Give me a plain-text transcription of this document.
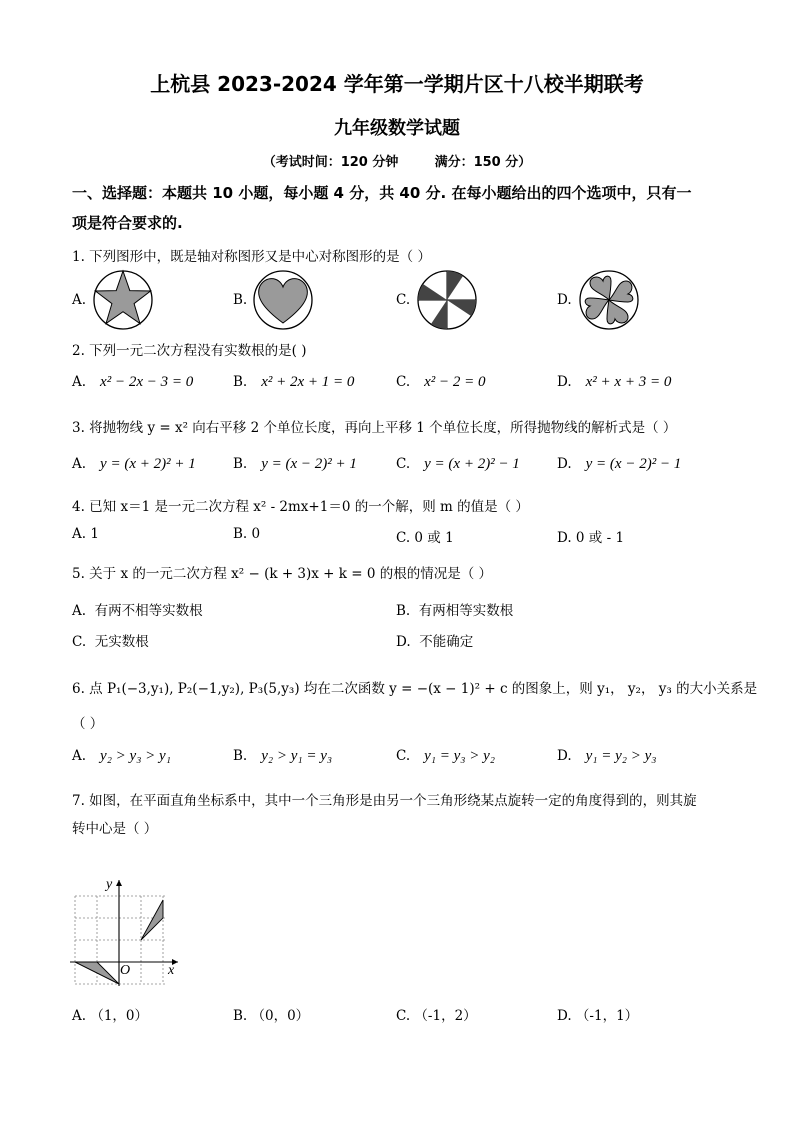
上杭县 2023-2024 学年第一学期片区十八校半期联考
九年级数学试题
（考试时间：120 分钟        满分：150 分）
一、选择题：本题共 10 小题，每小题 4 分，共 40 分. 在每小题给出的四个选项中，只有一
项是符合要求的.
1. 下列图形中，既是轴对称图形又是中心对称图形的是（ ）
A.	B.	C.	D.
2. 下列一元二次方程没有实数根的是( )
A. x² − 2x − 3 = 0	B. x² + 2x + 1 = 0	C. x² − 2 = 0	D. x² + x + 3 = 0
3. 将抛物线 y = x² 向右平移 2 个单位长度，再向上平移 1 个单位长度，所得抛物线的解析式是（ ）
A. y = (x + 2)² + 1	B. y = (x − 2)² + 1	C. y = (x + 2)² − 1	D. y = (x − 2)² − 1
4. 已知 x＝1 是一元二次方程 x² - 2mx+1＝0 的一个解，则 m 的值是（ ）
A. 1	B. 0	C. 0 或 1	D. 0 或 - 1
5. 关于 x 的一元二次方程 x² − (k + 3)x + k = 0 的根的情况是（ ）
A.  有两不相等实数根	B.  有两相等实数根
C.  无实数根	D.  不能确定
6. 点 P₁(−3,y₁), P₂(−1,y₂), P₃(5,y₃) 均在二次函数 y = −(x − 1)² + c 的图象上，则 y₁， y₂， y₃ 的大小关系是
（ ）
A. y₂ > y₃ > y₁	B. y₂ > y₁ = y₃	C. y₁ = y₃ > y₂	D. y₁ = y₂ > y₃
7. 如图，在平面直角坐标系中，其中一个三角形是由另一个三角形绕某点旋转一定的角度得到的，则其旋
转中心是（ ）
x
y
O
A. （1，0）	B. （0，0）	C. （-1，2）	D. （-1，1）
